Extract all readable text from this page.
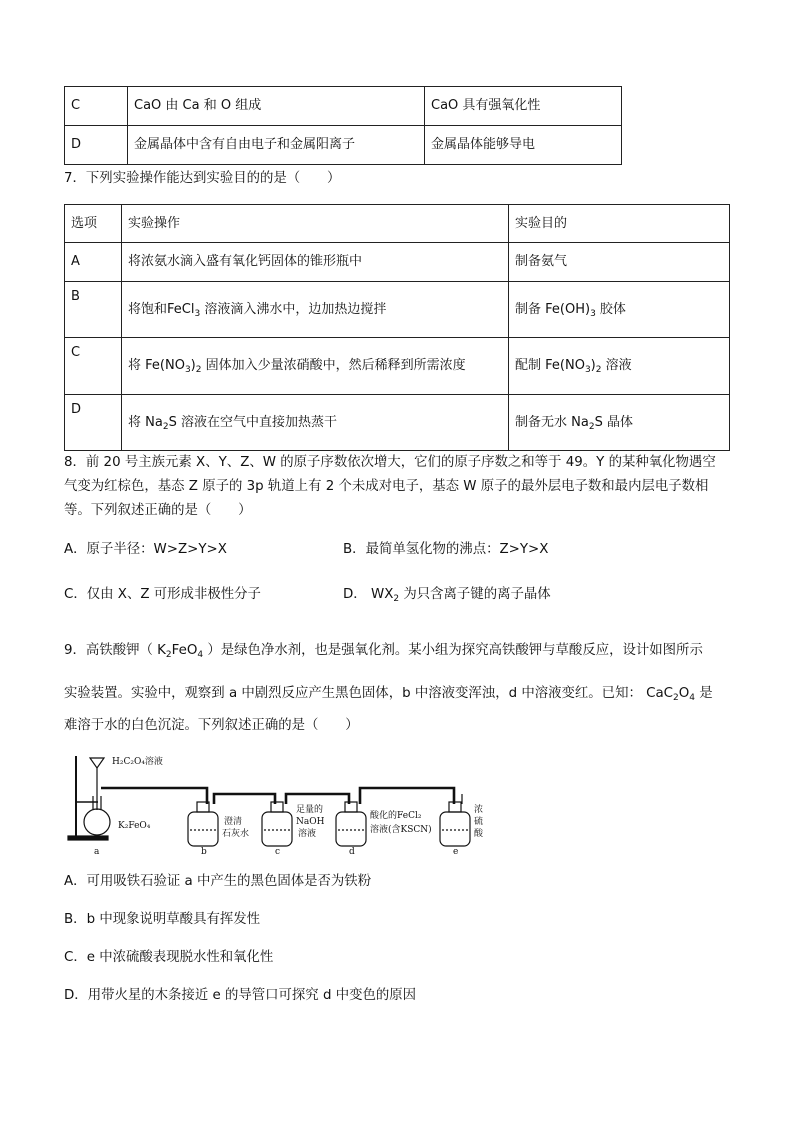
C	CaO 由 Ca 和 O 组成	CaO 具有强氧化性

D	金属晶体中含有自由电子和金属阳离子	金属晶体能够导电
7．下列实验操作能达到实验目的的是（　　）
选项	实验操作	实验目的

A	将浓氨水滴入盛有氧化钙固体的锥形瓶中	制备氨气

B	将饱和FeCl$_3$ 溶液滴入沸水中，边加热边搅拌	制备 $Fe(OH)_3$ 胶体

C	将 $Fe(NO_3)_2$ 固体加入少量浓硝酸中，然后稀释到所需浓度	配制 $Fe(NO_3)_2$ 溶液

D	将 $Na_2S$ 溶液在空气中直接加热蒸干	制备无水 $Na_2S$ 晶体
8．前 20 号主族元素 X、Y、Z、W 的原子序数依次增大，它们的原子序数之和等于 49。Y 的某种氧化物遇空
气变为红棕色，基态 Z 原子的 3p 轨道上有 2 个未成对电子，基态 W 原子的最外层电子数和最内层电子数相
等。下列叙述正确的是（　　）
A．原子半径：W>Z>Y>X	B．最简单氢化物的沸点：Z>Y>X
C．仅由 X、Z 可形成非极性分子	D． $WX_2$ 为只含离子键的离子晶体
9．高铁酸钾（ $K_2FeO_4$ ）是绿色净水剂，也是强氧化剂。某小组为探究高铁酸钾与草酸反应，设计如图所示
实验装置。实验中，观察到 a 中剧烈反应产生黑色固体，b 中溶液变浑浊，d 中溶液变红。已知： $CaC_2O_4$ 是
难溶于水的白色沉淀。下列叙述正确的是（　　）
H₂C₂O₄溶液
K₂FeO₄	澄清
石灰水
足量的
NaOH
溶液
酸化的FeCl₂
溶液(含KSCN)
浓
硫
酸
a	b	c	d	e
A．可用吸铁石验证 a 中产生的黑色固体是否为铁粉
B．b 中现象说明草酸具有挥发性
C．e 中浓硫酸表现脱水性和氧化性
D．用带火星的木条接近 e 的导管口可探究 d 中变色的原因
